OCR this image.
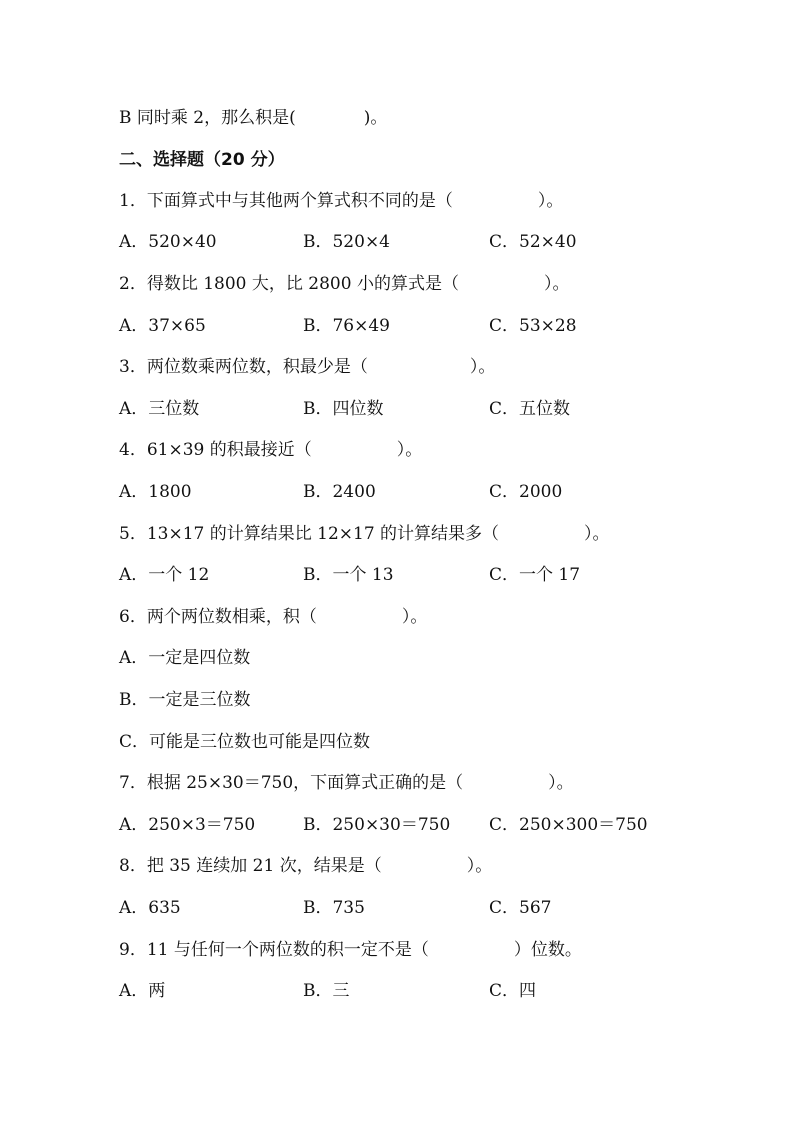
B 同时乘 2，那么积是(　　　　)。
二、选择题（20 分）
1．下面算式中与其他两个算式积不同的是（　　　　　）。
A．520×40	B．520×4	C．52×40
2．得数比 1800 大，比 2800 小的算式是（　　　　　）。
A．37×65	B．76×49	C．53×28
3．两位数乘两位数，积最少是（　　　　　　）。
A．三位数	B．四位数	C．五位数
4．61×39 的积最接近（　　　　　）。
A．1800	B．2400	C．2000
5．13×17 的计算结果比 12×17 的计算结果多（　　　　　）。
A．一个 12	B．一个 13	C．一个 17
6．两个两位数相乘，积（　　　　　）。
A．一定是四位数
B．一定是三位数
C．可能是三位数也可能是四位数
7．根据 25×30＝750，下面算式正确的是（　　　　　）。
A．250×3＝750	B．250×30＝750 C．250×300＝750
8．把 35 连续加 21 次，结果是（　　　　　）。
A．635	B．735	C．567
9．11 与任何一个两位数的积一定不是（　　　　　）位数。
A．两	B．三	C．四
